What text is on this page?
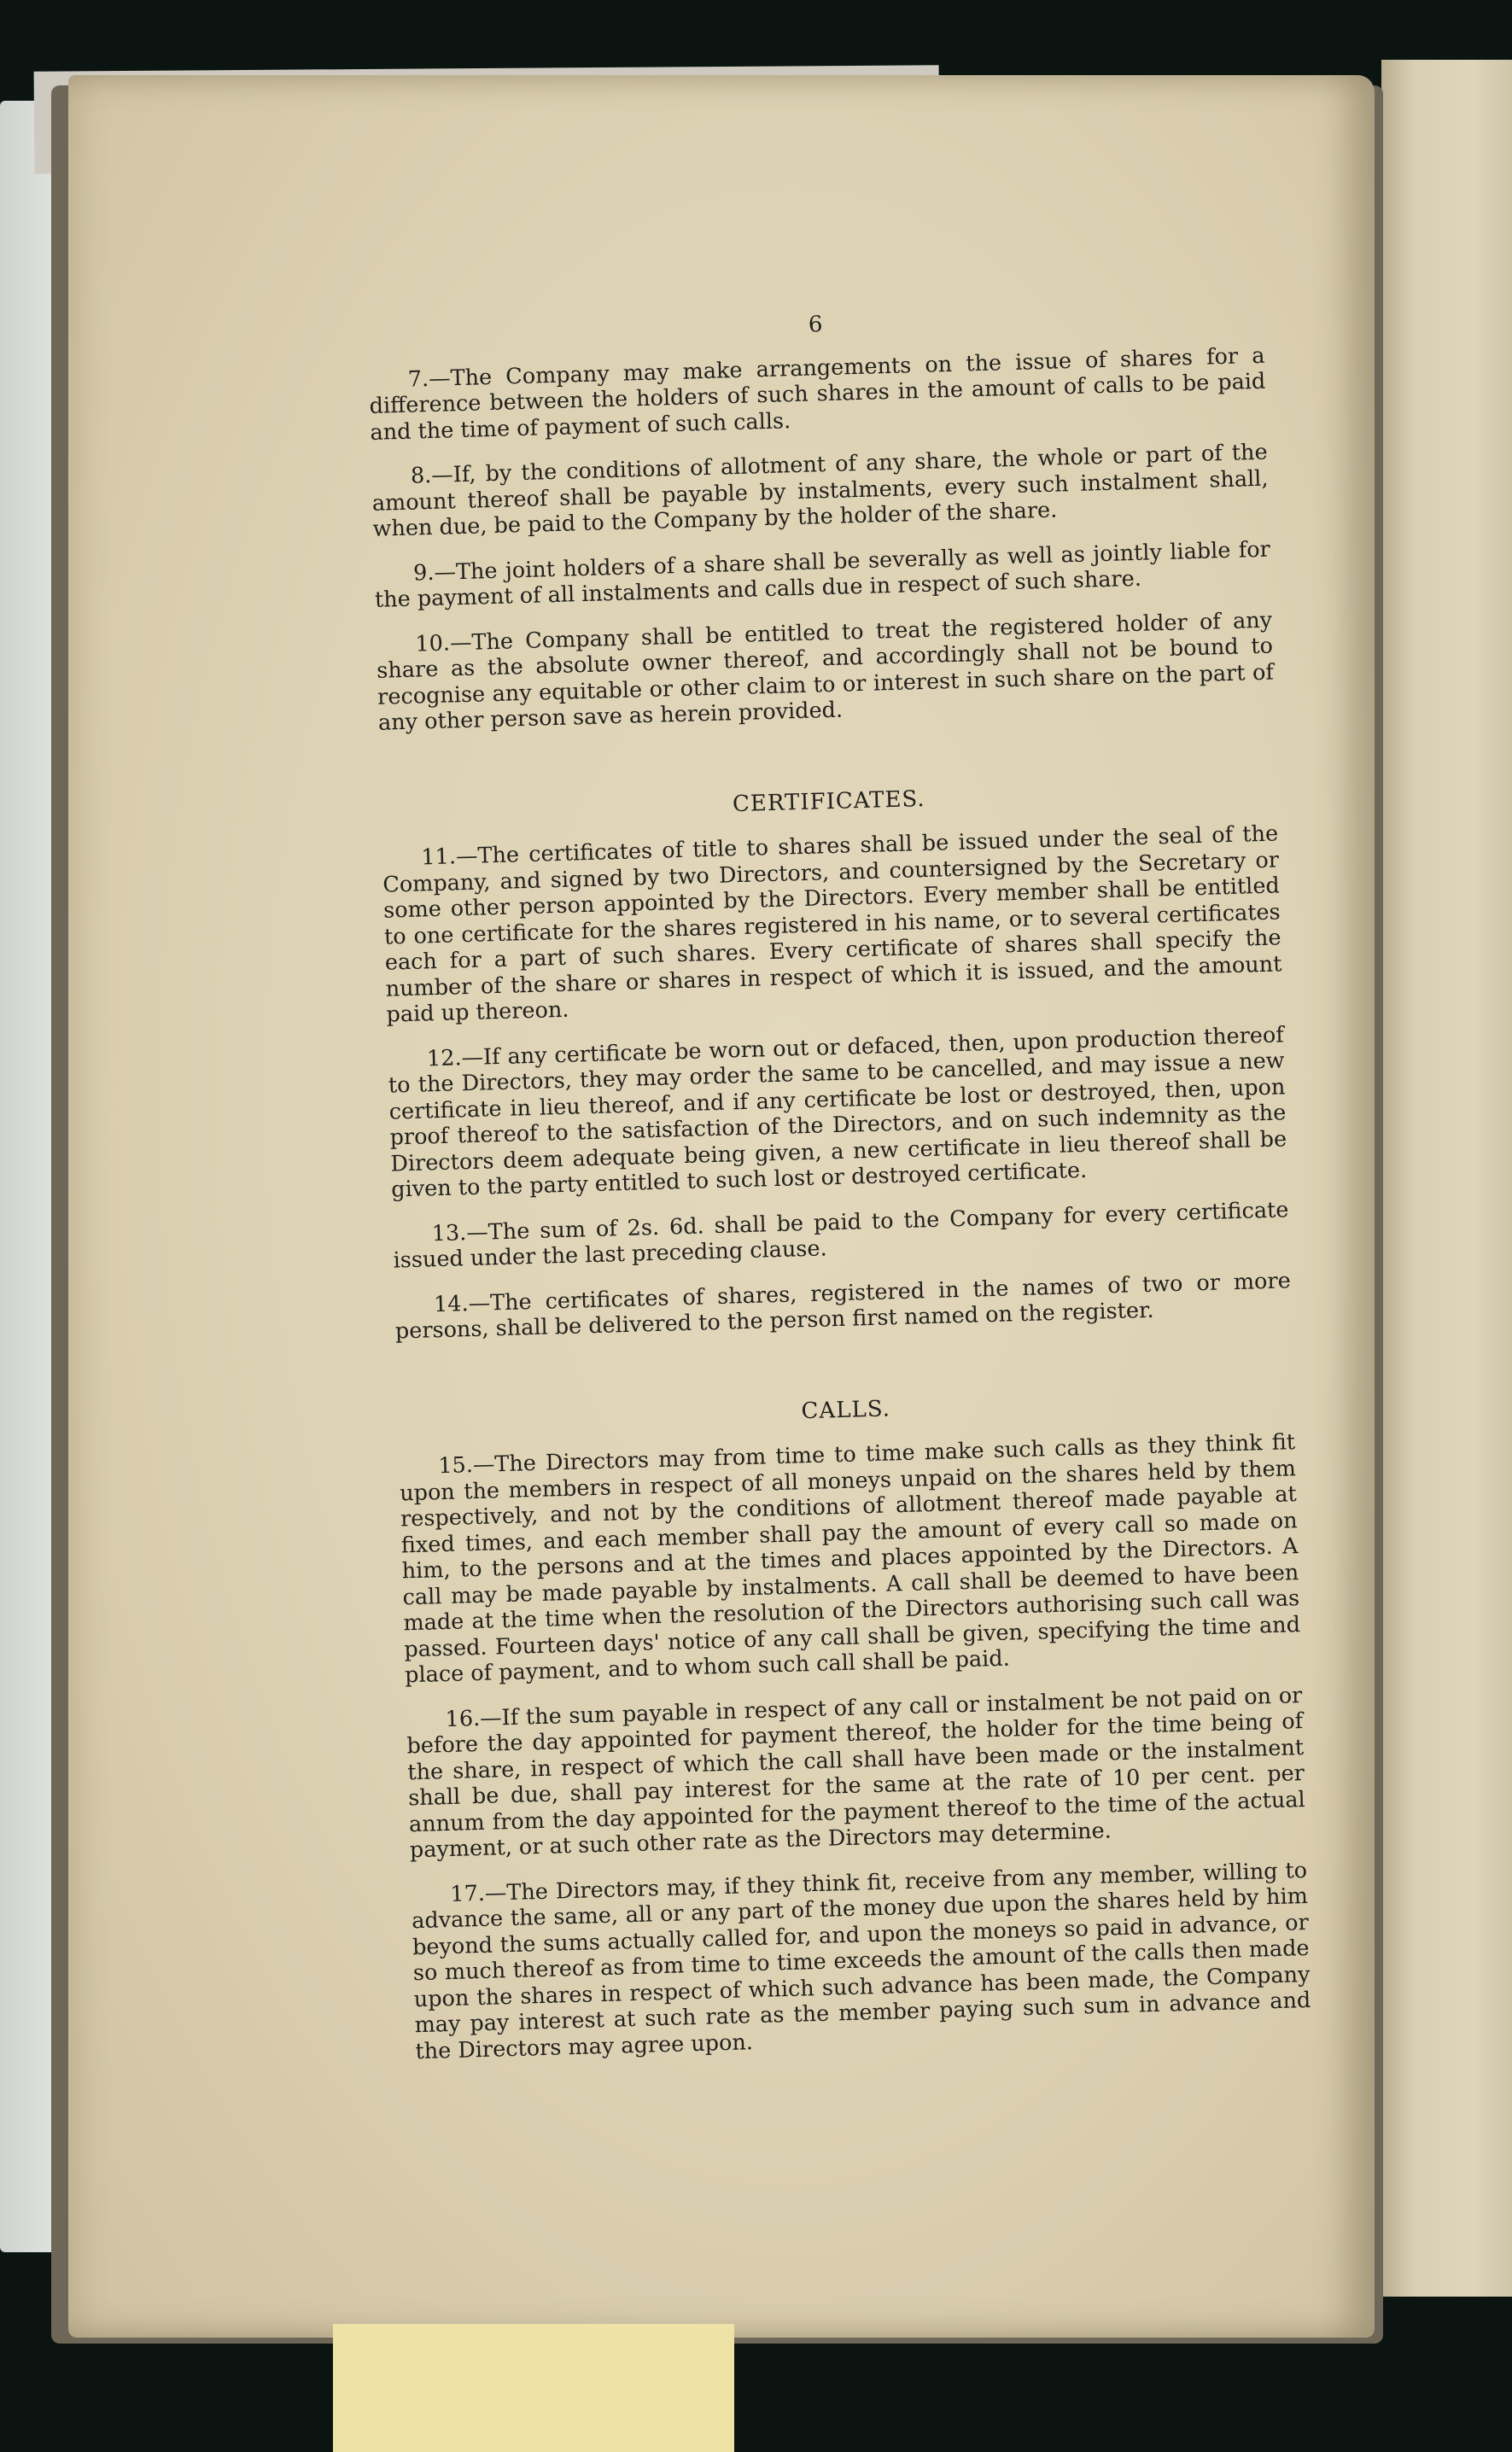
6

7.—The Company may make arrangements on the issue of shares for a difference between the holders of such shares in the amount of calls to be paid and the time of payment of such calls.

8.—If, by the conditions of allotment of any share, the whole or part of the amount thereof shall be payable by instalments, every such instalment shall, when due, be paid to the Company by the holder of the share.

9.—The joint holders of a share shall be severally as well as jointly liable for the payment of all instalments and calls due in respect of such share.

10.—The Company shall be entitled to treat the registered holder of any share as the absolute owner thereof, and accordingly shall not be bound to recognise any equitable or other claim to or interest in such share on the part of any other person save as herein provided.

CERTIFICATES.

11.—The certificates of title to shares shall be issued under the seal of the Company, and signed by two Directors, and countersigned by the Secretary or some other person appointed by the Directors. Every member shall be entitled to one certificate for the shares registered in his name, or to several certificates each for a part of such shares. Every certificate of shares shall specify the number of the share or shares in respect of which it is issued, and the amount paid up thereon.

12.—If any certificate be worn out or defaced, then, upon production thereof to the Directors, they may order the same to be cancelled, and may issue a new certificate in lieu thereof, and if any certificate be lost or destroyed, then, upon proof thereof to the satisfaction of the Directors, and on such indemnity as the Directors deem adequate being given, a new certificate in lieu thereof shall be given to the party entitled to such lost or destroyed certificate.

13.—The sum of 2s. 6d. shall be paid to the Company for every certificate issued under the last preceding clause.

14.—The certificates of shares, registered in the names of two or more persons, shall be delivered to the person first named on the register.

CALLS.

15.—The Directors may from time to time make such calls as they think fit upon the members in respect of all moneys unpaid on the shares held by them respectively, and not by the conditions of allotment thereof made payable at fixed times, and each member shall pay the amount of every call so made on him, to the persons and at the times and places appointed by the Directors. A call may be made payable by instalments. A call shall be deemed to have been made at the time when the resolution of the Directors authorising such call was passed. Fourteen days' notice of any call shall be given, specifying the time and place of payment, and to whom such call shall be paid.

16.—If the sum payable in respect of any call or instalment be not paid on or before the day appointed for payment thereof, the holder for the time being of the share, in respect of which the call shall have been made or the instalment shall be due, shall pay interest for the same at the rate of 10 per cent. per annum from the day appointed for the payment thereof to the time of the actual payment, or at such other rate as the Directors may determine.

17.—The Directors may, if they think fit, receive from any member, willing to advance the same, all or any part of the money due upon the shares held by him beyond the sums actually called for, and upon the moneys so paid in advance, or so much thereof as from time to time exceeds the amount of the calls then made upon the shares in respect of which such advance has been made, the Company may pay interest at such rate as the member paying such sum in advance and the Directors may agree upon.
